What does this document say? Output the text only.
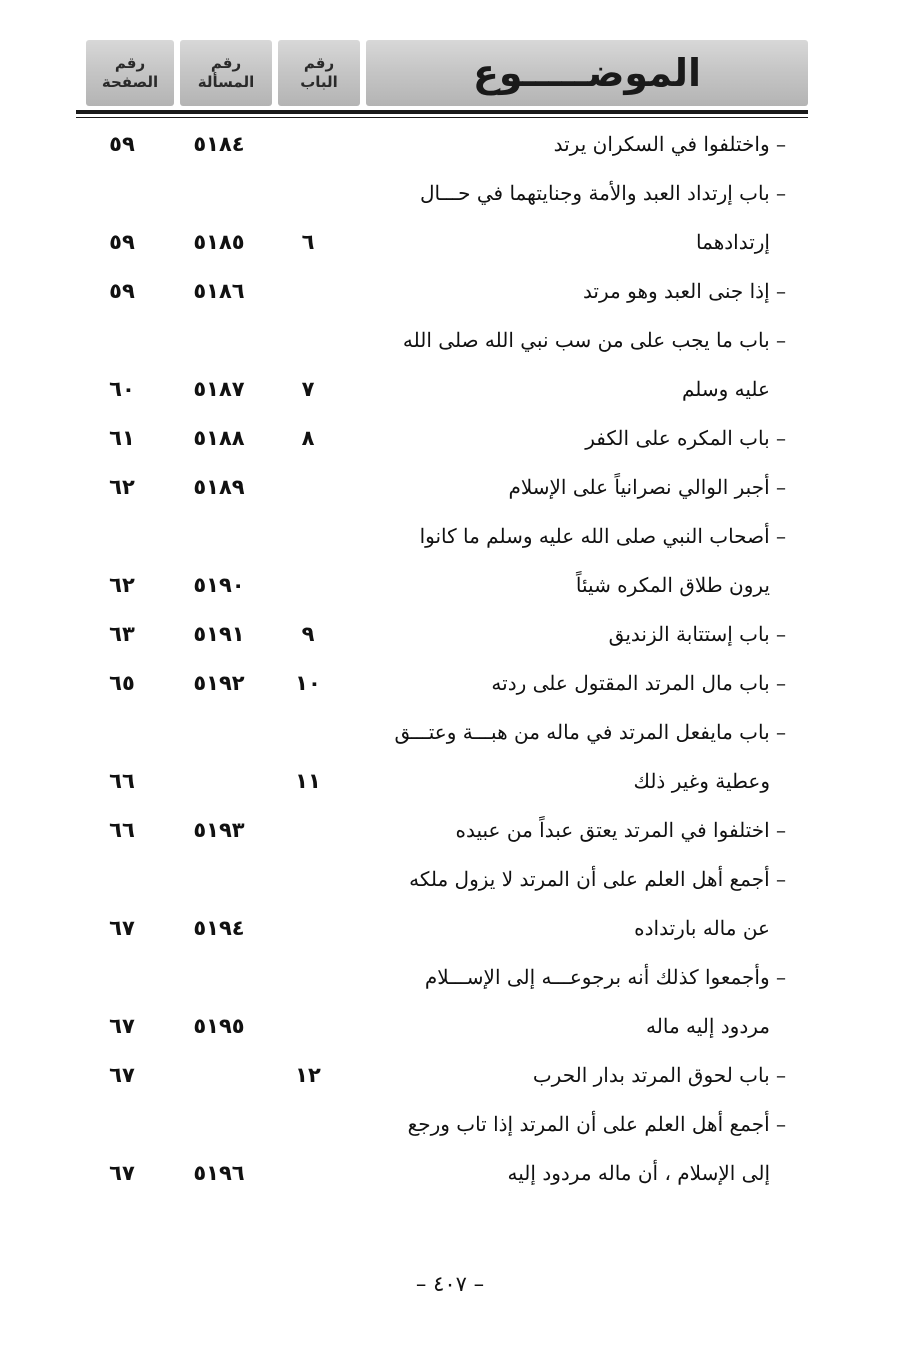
الموضـــــوع
رقم
الباب
رقم
المسألة
رقم
الصفحة
– واختلفوا في السكران يرتد
٥١٨٤
٥٩
– باب إرتداد العبد والأمة وجنايتهما في حـــال
إرتدادهما
٦
٥١٨٥
٥٩
– إذا جنى العبد وهو مرتد
٥١٨٦
٥٩
– باب ما يجب على من سب نبي الله صلى الله
عليه وسلم
٧
٥١٨٧
٦٠
– باب المكره على الكفر
٨
٥١٨٨
٦١
– أجبر الوالي نصرانياً على الإسلام
٥١٨٩
٦٢
– أصحاب النبي صلى الله عليه وسلم ما كانوا
يرون طلاق المكره شيئاً
٥١٩٠
٦٢
– باب إستتابة الزنديق
٩
٥١٩١
٦٣
– باب مال المرتد المقتول على ردته
١٠
٥١٩٢
٦٥
– باب مايفعل المرتد في ماله من هبـــة وعتـــق
وعطية وغير ذلك
١١
٦٦
– اختلفوا في المرتد يعتق عبداً من عبيده
٥١٩٣
٦٦
– أجمع أهل العلم على أن المرتد لا يزول ملكه
عن ماله بارتداده
٥١٩٤
٦٧
– وأجمعوا كذلك أنه برجوعـــه إلى الإســـلام
مردود إليه ماله
٥١٩٥
٦٧
– باب لحوق المرتد بدار الحرب
١٢
٦٧
– أجمع أهل العلم على أن المرتد إذا تاب ورجع
إلى الإسلام ، أن ماله مردود إليه
٥١٩٦
٦٧
– ٤٠٧ –
